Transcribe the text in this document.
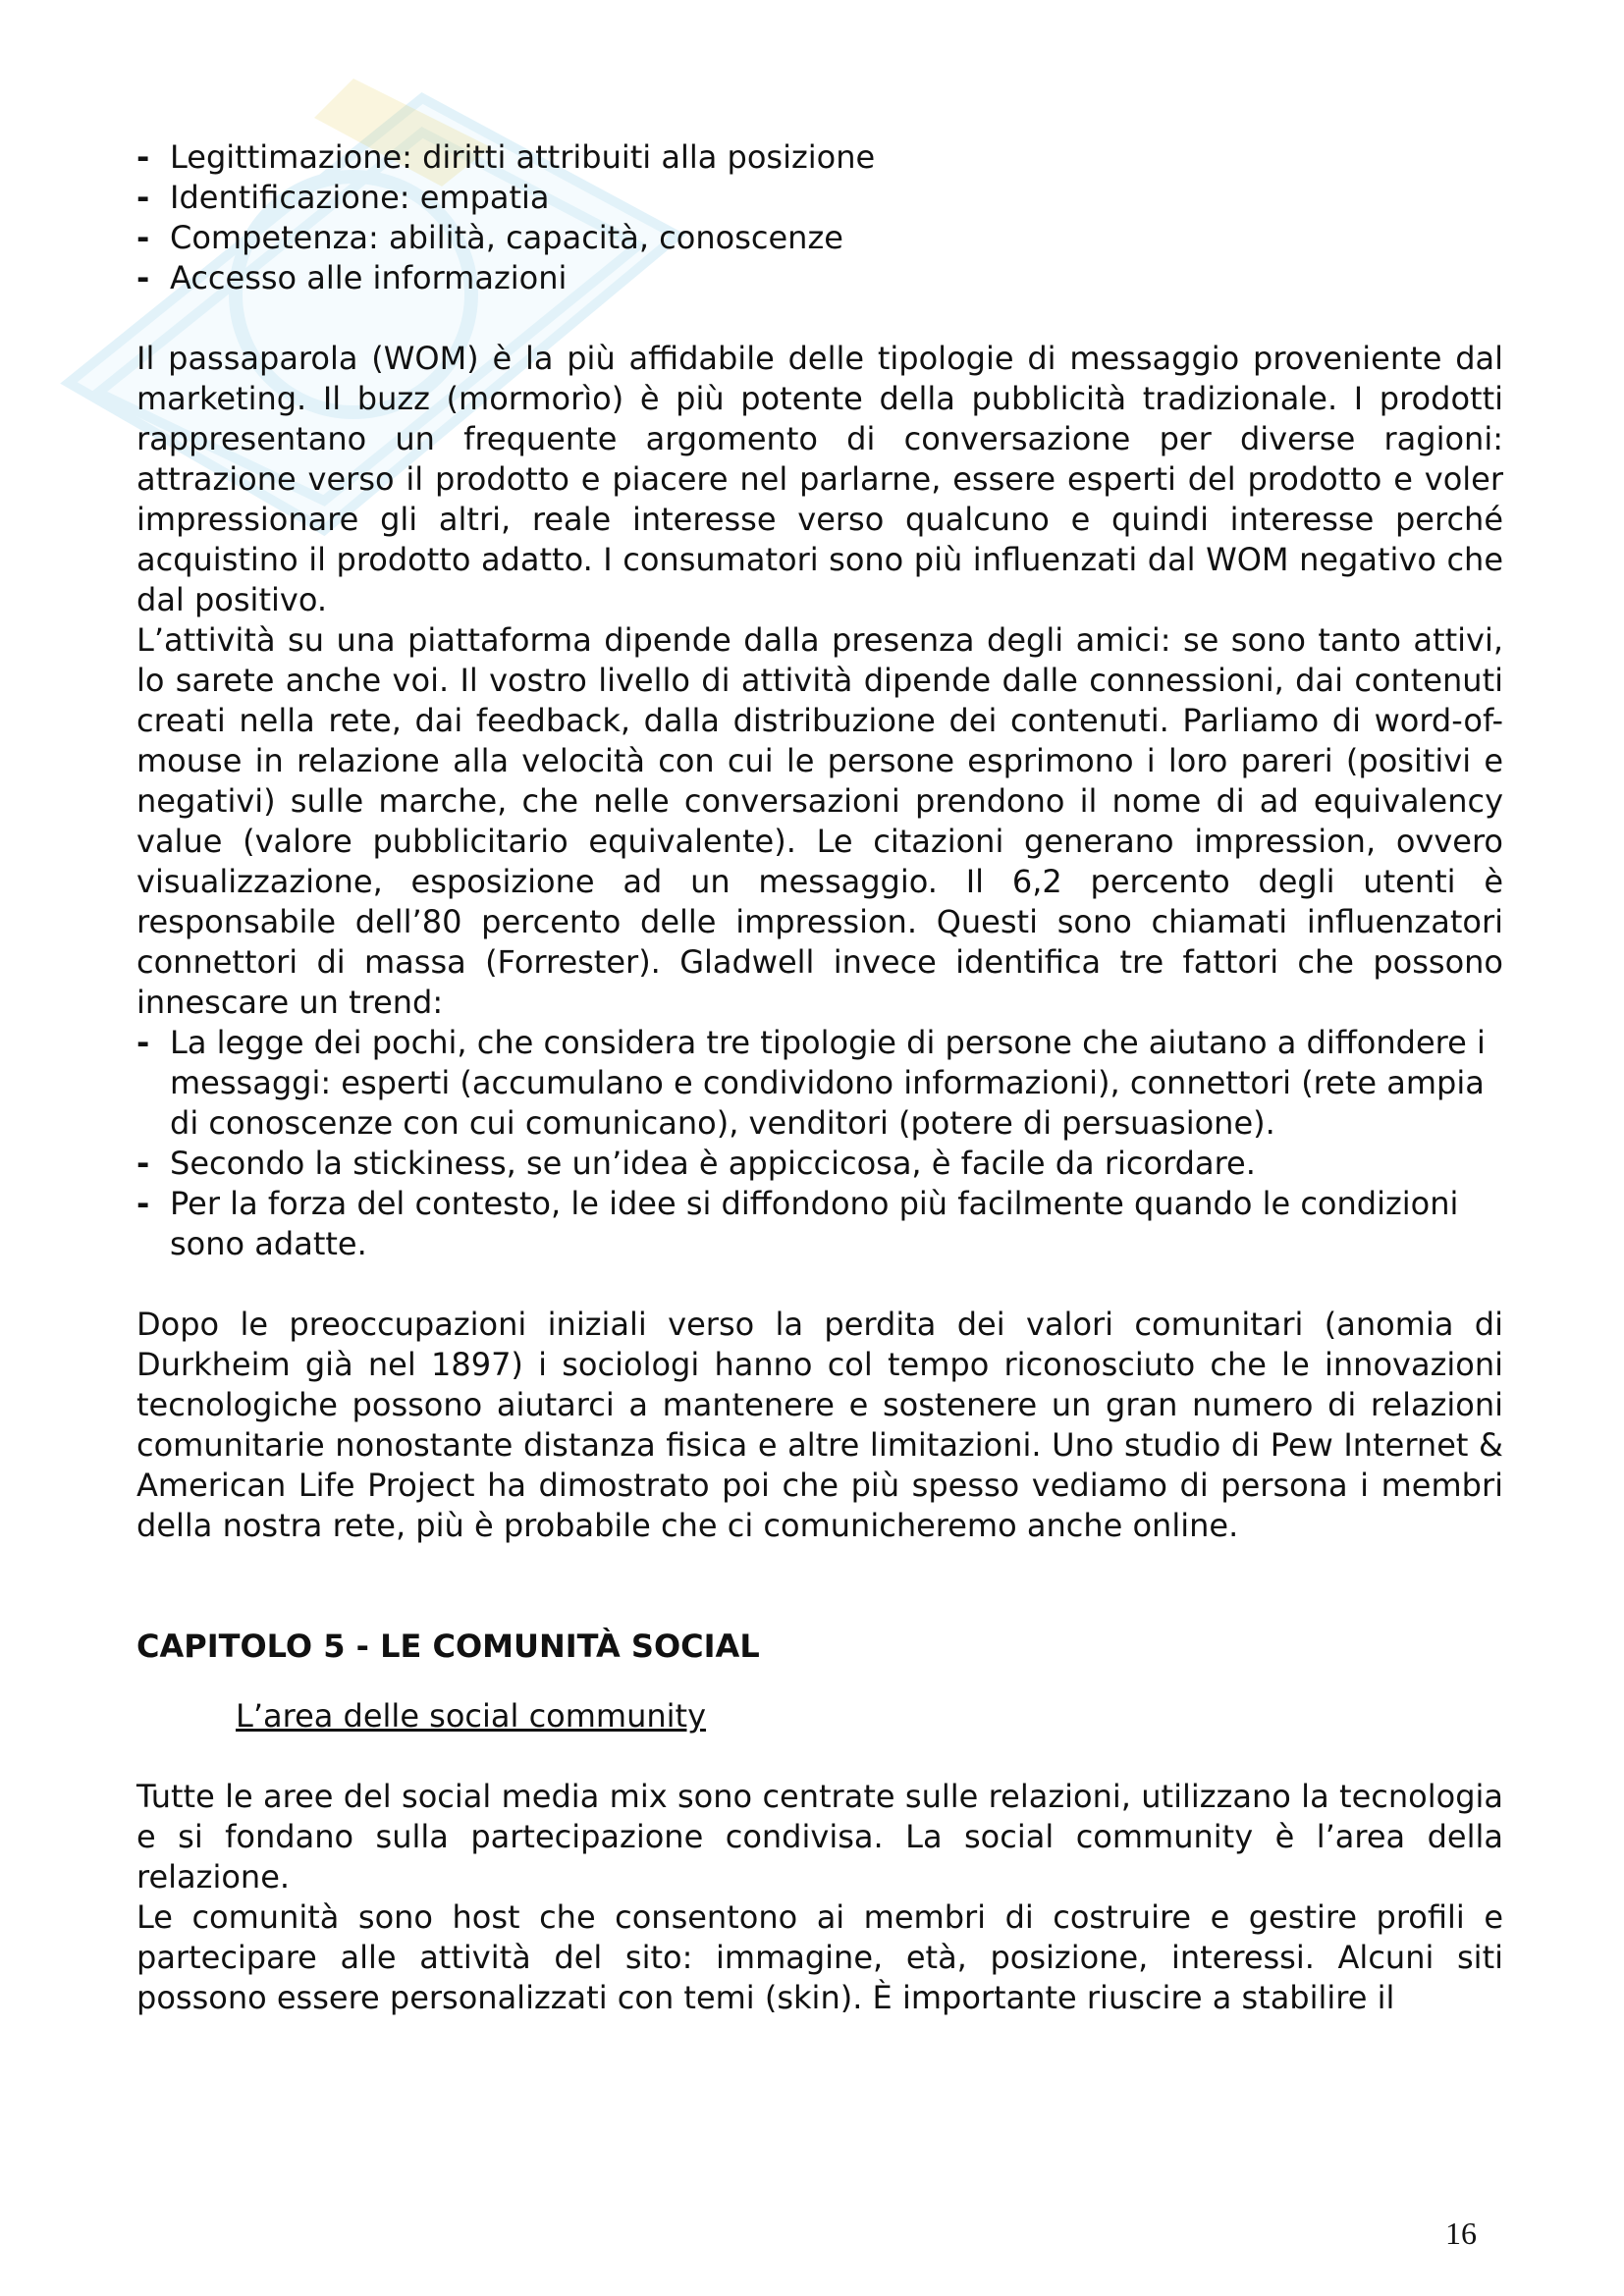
- Legittimazione: diritti attribuiti alla posizione
- Identificazione: empatia
- Competenza: abilità, capacità, conoscenze
- Accesso alle informazioni

Il passaparola (WOM) è la più affidabile delle tipologie di messaggio proveniente dal marketing. Il buzz (mormorìo) è più potente della pubblicità tradizionale. I prodotti rappresentano un frequente argomento di conversazione per diverse ragioni: attrazione verso il prodotto e piacere nel parlarne, essere esperti del prodotto e voler impressionare gli altri, reale interesse verso qualcuno e quindi interesse perché acquistino il prodotto adatto. I consumatori sono più influenzati dal WOM negativo che dal positivo.

L’attività su una piattaforma dipende dalla presenza degli amici: se sono tanto attivi, lo sarete anche voi. Il vostro livello di attività dipende dalle connessioni, dai contenuti creati nella rete, dai feedback, dalla distribuzione dei contenuti. Parliamo di word-of-mouse in relazione alla velocità con cui le persone esprimono i loro pareri (positivi e negativi) sulle marche, che nelle conversazioni prendono il nome di ad equivalency value (valore pubblicitario equivalente). Le citazioni generano impression, ovvero visualizzazione, esposizione ad un messaggio. Il 6,2 percento degli utenti è responsabile dell’80 percento delle impression. Questi sono chiamati influenzatori connettori di massa (Forrester). Gladwell invece identifica tre fattori che possono innescare un trend:

- La legge dei pochi, che considera tre tipologie di persone che aiutano a diffondere i messaggi: esperti (accumulano e condividono informazioni), connettori (rete ampia di conoscenze con cui comunicano), venditori (potere di persuasione).
- Secondo la stickiness, se un’idea è appiccicosa, è facile da ricordare.
- Per la forza del contesto, le idee si diffondono più facilmente quando le condizioni sono adatte.

Dopo le preoccupazioni iniziali verso la perdita dei valori comunitari (anomia di Durkheim già nel 1897) i sociologi hanno col tempo riconosciuto che le innovazioni tecnologiche possono aiutarci a mantenere e sostenere un gran numero di relazioni comunitarie nonostante distanza fisica e altre limitazioni. Uno studio di Pew Internet & American Life Project ha dimostrato poi che più spesso vediamo di persona i membri della nostra rete, più è probabile che ci comunicheremo anche online.

CAPITOLO 5 - LE COMUNITÀ SOCIAL

L’area delle social community

Tutte le aree del social media mix sono centrate sulle relazioni, utilizzano la tecnologia e si fondano sulla partecipazione condivisa. La social community è l’area della relazione.

Le comunità sono host che consentono ai membri di costruire e gestire profili e partecipare alle attività del sito: immagine, età, posizione, interessi. Alcuni siti possono essere personalizzati con temi (skin). È importante riuscire a stabilire il

16
